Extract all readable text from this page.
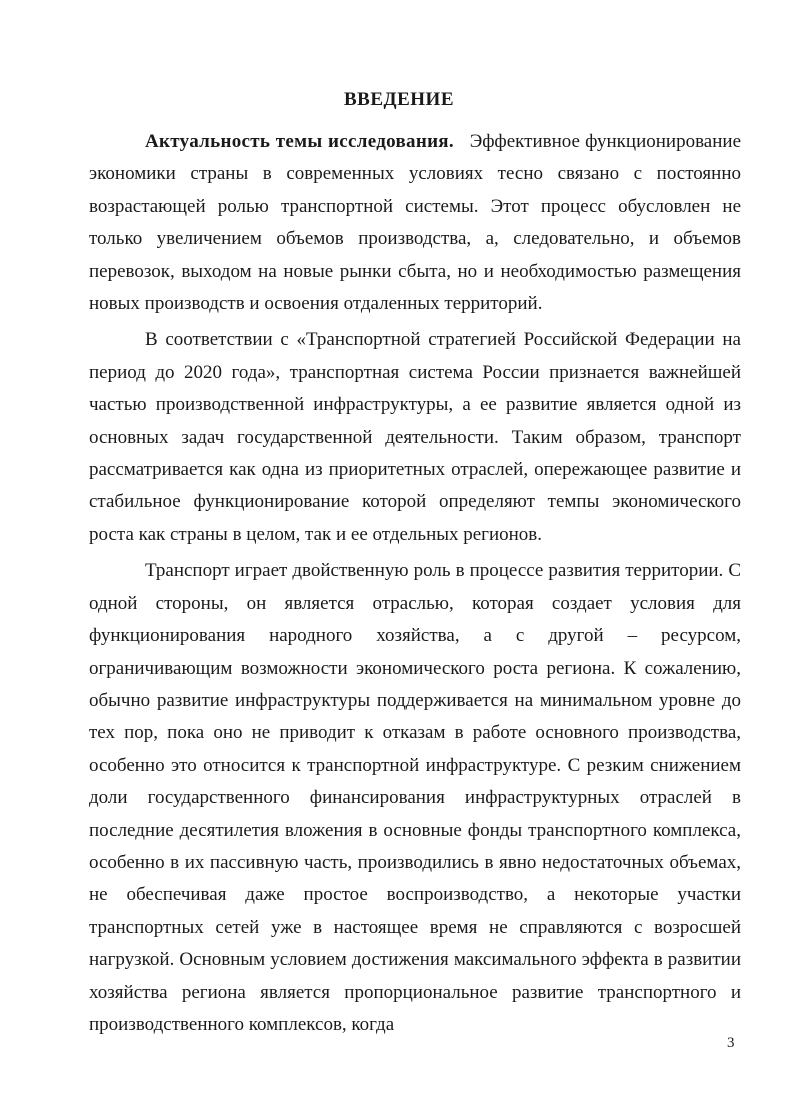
ВВЕДЕНИЕ

Актуальность темы исследования. Эффективное функционирование экономики страны в современных условиях тесно связано с постоянно возрастающей ролью транспортной системы. Этот процесс обусловлен не только увеличением объемов производства, а, следовательно, и объемов перевозок, выходом на новые рынки сбыта, но и необходимостью размещения новых производств и освоения отдаленных территорий.

В соответствии с «Транспортной стратегией Российской Федерации на период до 2020 года», транспортная система России признается важнейшей частью производственной инфраструктуры, а ее развитие является одной из основных задач государственной деятельности. Таким образом, транспорт рассматривается как одна из приоритетных отраслей, опережающее развитие и стабильное функционирование которой определяют темпы экономического роста как страны в целом, так и ее отдельных регионов.

Транспорт играет двойственную роль в процессе развития территории. С одной стороны, он является отраслью, которая создает условия для функционирования народного хозяйства, а с другой – ресурсом, ограничивающим возможности экономического роста региона. К сожалению, обычно развитие инфраструктуры поддерживается на минимальном уровне до тех пор, пока оно не приводит к отказам в работе основного производства, особенно это относится к транспортной инфраструктуре. С резким снижением доли государственного финансирования инфраструктурных отраслей в последние десятилетия вложения в основные фонды транспортного комплекса, особенно в их пассивную часть, производились в явно недостаточных объемах, не обеспечивая даже простое воспроизводство, а некоторые участки транспортных сетей уже в настоящее время не справляются с возросшей нагрузкой. Основным условием достижения максимального эффекта в развитии хозяйства региона является пропорциональное развитие транспортного и производственного комплексов, когда

3
